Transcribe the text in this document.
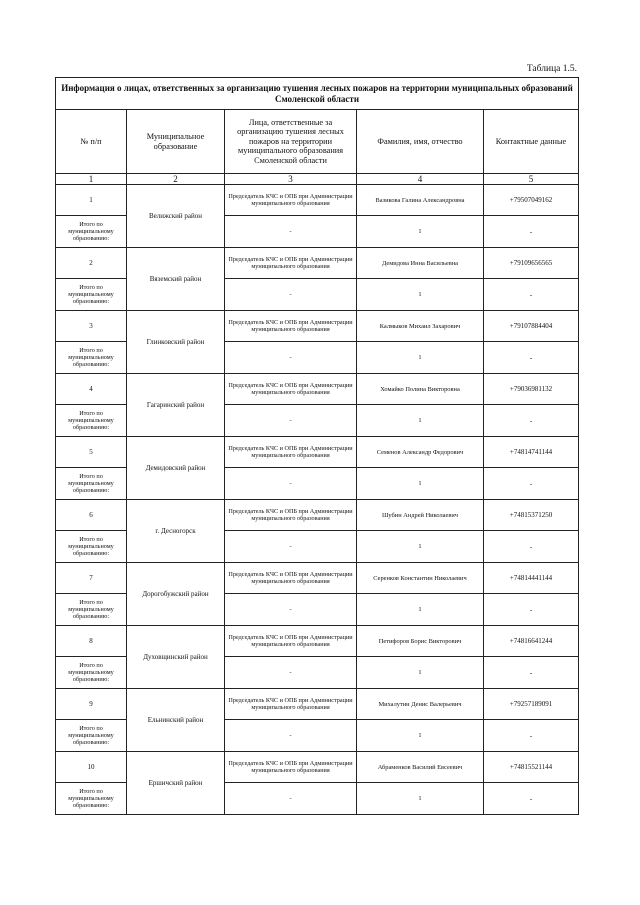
Таблица 1.5.
Информация о лицах, ответственных за организацию тушения лесных пожаров на территории муниципальных образований Смоленской области				
№ п/п	Муниципальное образование	Лица, ответственные за организацию тушения лесных пожаров на территории муниципального образования Смоленской области	Фамилия, имя, отчество	Контактные данные
1	2	3	4	5
1	Велижский район	Председатель КЧС и ОПБ при Администрации муниципального образования	Вазикова Галина Александровна	+79507049162
Итого по муниципальному образованию:		-	1	-
2	Вяземский район	Председатель КЧС и ОПБ при Администрации муниципального образования	Демидова Инна Васильевна	+79109656565
Итого по муниципальному образованию:		-	1	-
3	Глинковский район	Председатель КЧС и ОПБ при Администрации муниципального образования	Калмыков Михаил Захарович	+79107884404
Итого по муниципальному образованию:		-	1	-
4	Гагаринский район	Председатель КЧС и ОПБ при Администрации муниципального образования	Хомайко Полина Викторовна	+79036981132
Итого по муниципальному образованию:		-	1	-
5	Демидовский район	Председатель КЧС и ОПБ при Администрации муниципального образования	Семенов Александр Федорович	+74814741144
Итого по муниципальному образованию:		-	1	-
6	г. Десногорск	Председатель КЧС и ОПБ при Администрации муниципального образования	Шубин Андрей Николаевич	+74815371250
Итого по муниципальному образованию:		-	1	-
7	Дорогобужский район	Председатель КЧС и ОПБ при Администрации муниципального образования	Серенков Константин Николаевич	+74814441144
Итого по муниципальному образованию:		-	1	-
8	Духовщинский район	Председатель КЧС и ОПБ при Администрации муниципального образования	Петифоров Борис Викторович	+74816641244
Итого по муниципальному образованию:		-	1	-
9	Ельнинский район	Председатель КЧС и ОПБ при Администрации муниципального образования	Михалутин Денис Валерьевич	+79257189091
Итого по муниципальному образованию:		-	1	-
10	Ершичский район	Председатель КЧС и ОПБ при Администрации муниципального образования	Абраменков Василий Евсеевич	+74815521144
Итого по муниципальному образованию:		-	1	-
